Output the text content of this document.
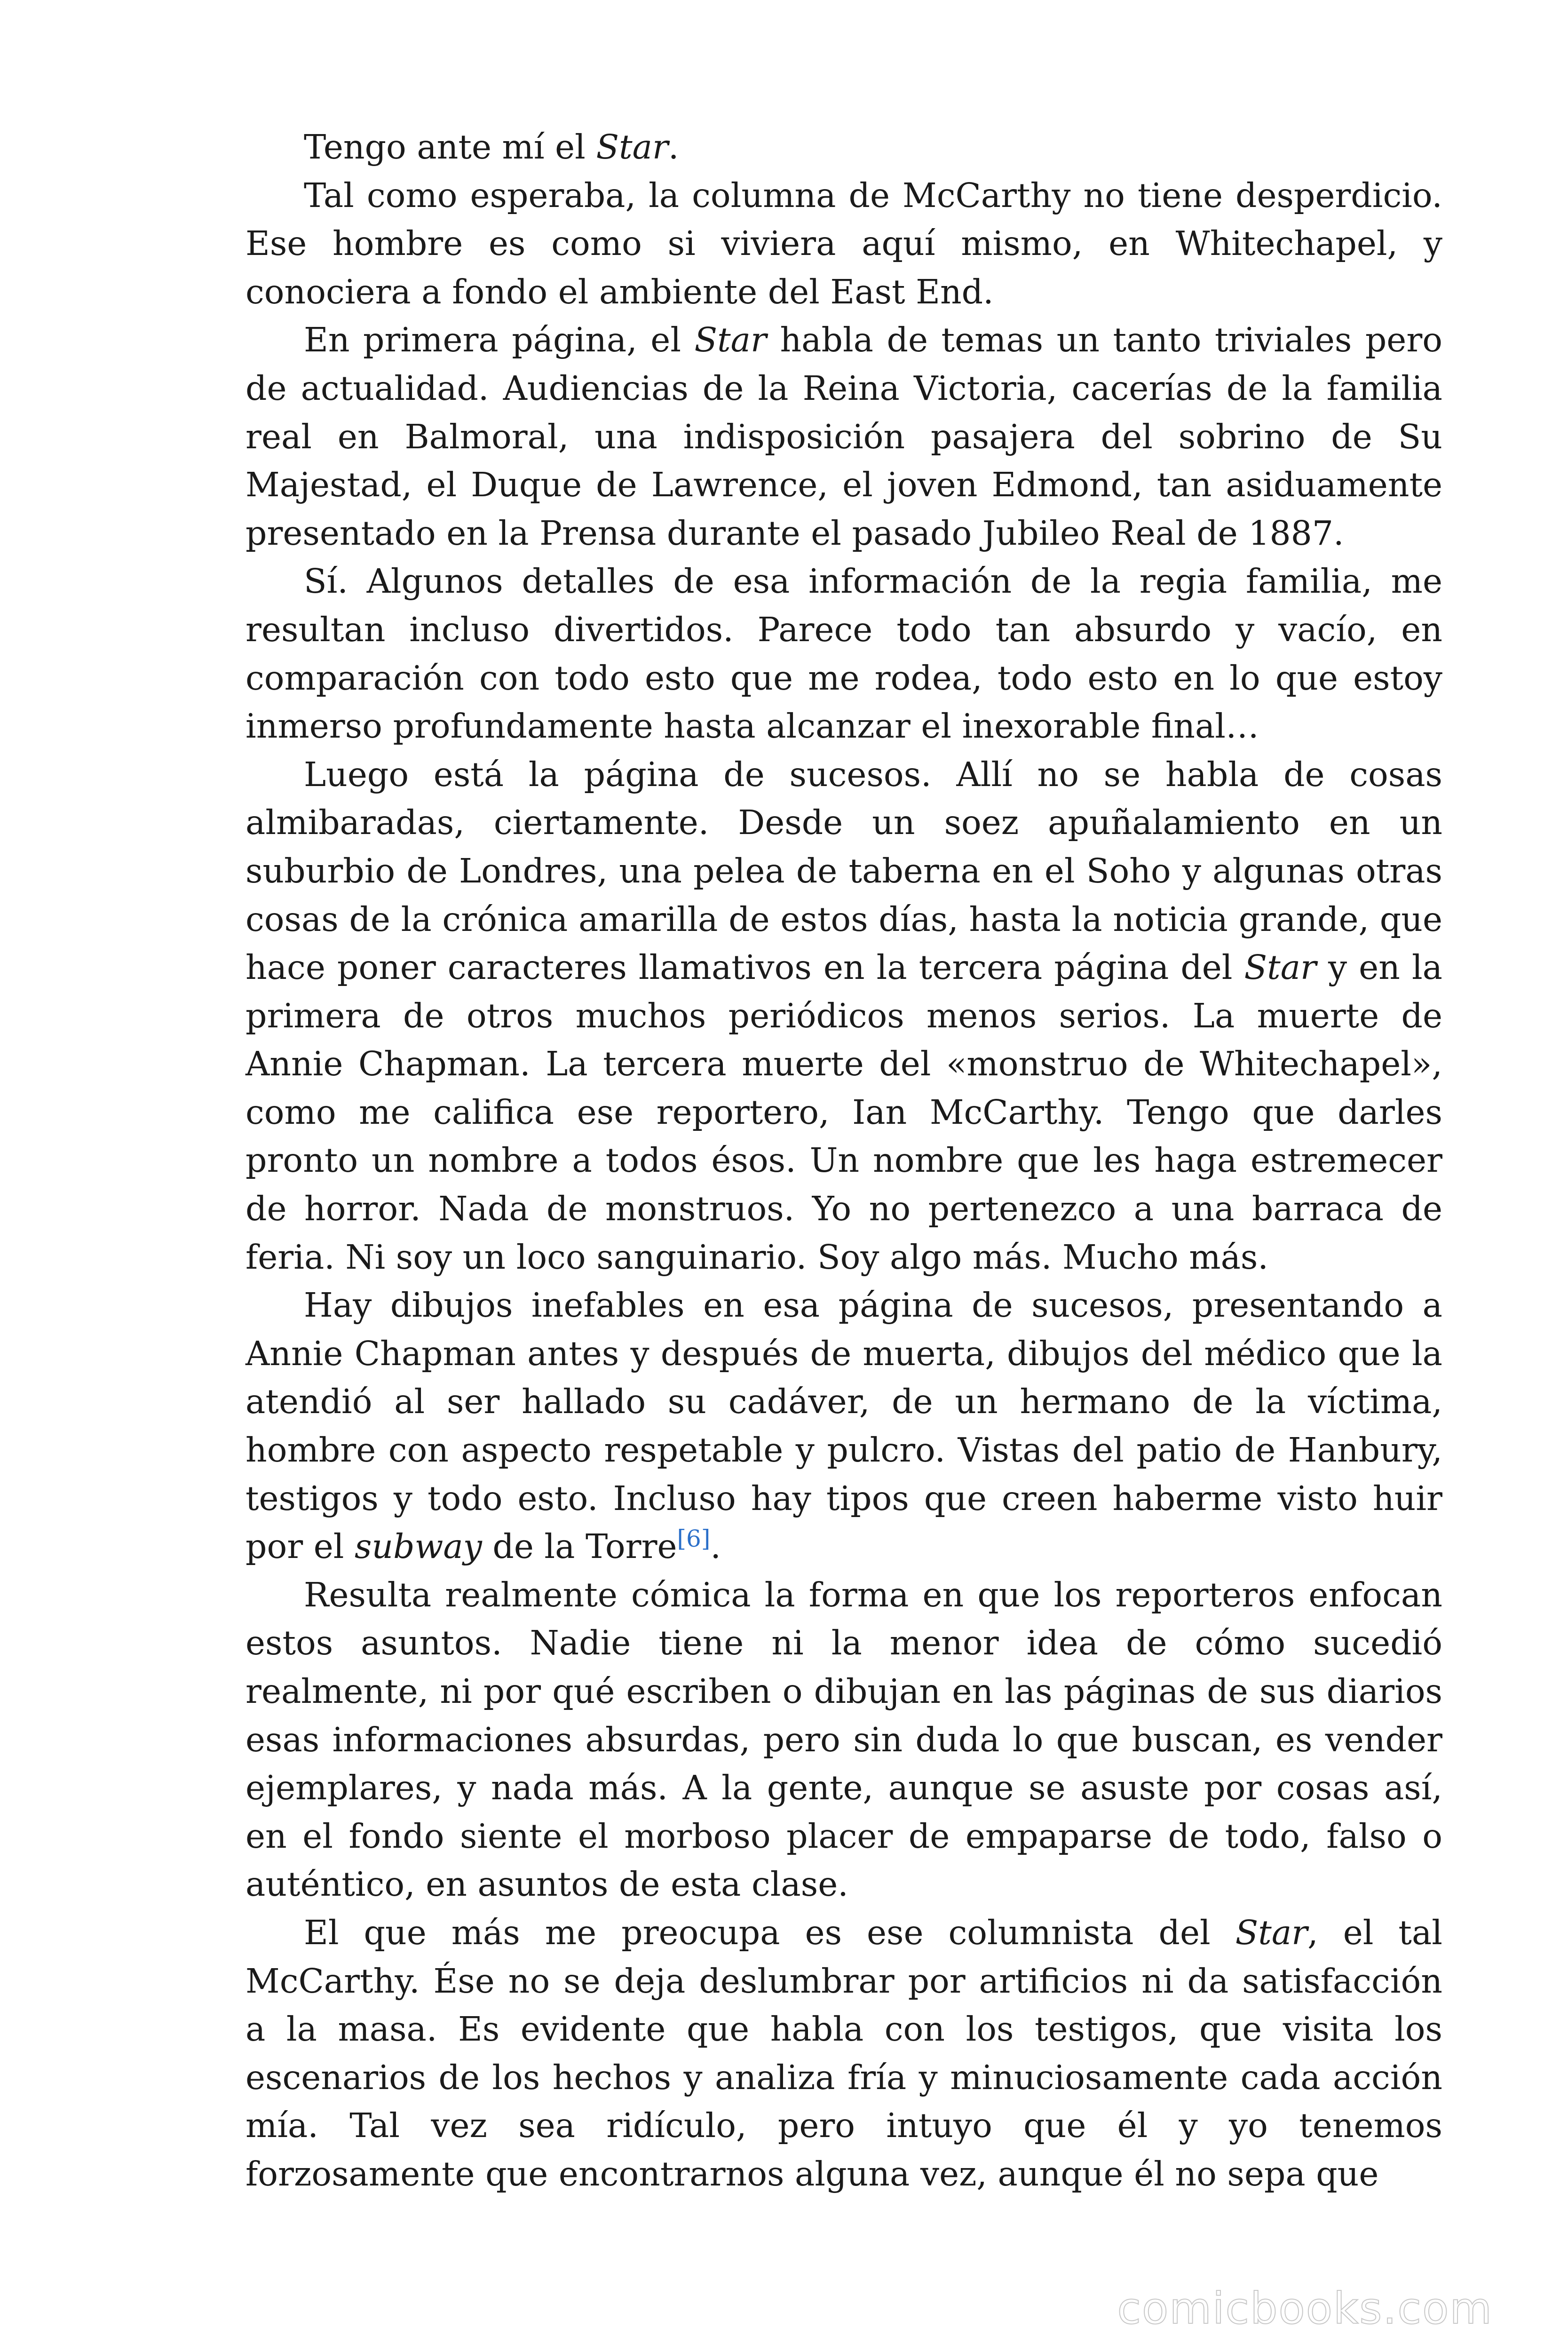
Tengo ante mí el Star.

Tal como esperaba, la columna de McCarthy no tiene desperdicio. Ese hombre es como si viviera aquí mismo, en Whitechapel, y conociera a fondo el ambiente del East End.

En primera página, el Star habla de temas un tanto triviales pero de actualidad. Audiencias de la Reina Victoria, cacerías de la familia real en Balmoral, una indisposición pasajera del sobrino de Su Majestad, el Duque de Lawrence, el joven Edmond, tan asiduamente presentado en la Prensa durante el pasado Jubileo Real de 1887.

Sí. Algunos detalles de esa información de la regia familia, me resultan incluso divertidos. Parece todo tan absurdo y vacío, en comparación con todo esto que me rodea, todo esto en lo que estoy inmerso profundamente hasta alcanzar el inexorable final…

Luego está la página de sucesos. Allí no se habla de cosas almibaradas, ciertamente. Desde un soez apuñalamiento en un suburbio de Londres, una pelea de taberna en el Soho y algunas otras cosas de la crónica amarilla de estos días, hasta la noticia grande, que hace poner caracteres llamativos en la tercera página del Star y en la primera de otros muchos periódicos menos serios. La muerte de Annie Chapman. La tercera muerte del «monstruo de Whitechapel», como me califica ese reportero, Ian McCarthy. Tengo que darles pronto un nombre a todos ésos. Un nombre que les haga estremecer de horror. Nada de monstruos. Yo no pertenezco a una barraca de feria. Ni soy un loco sanguinario. Soy algo más. Mucho más.

Hay dibujos inefables en esa página de sucesos, presentando a Annie Chapman antes y después de muerta, dibujos del médico que la atendió al ser hallado su cadáver, de un hermano de la víctima, hombre con aspecto respetable y pulcro. Vistas del patio de Hanbury, testigos y todo esto. Incluso hay tipos que creen haberme visto huir por el subway de la Torre[6].

Resulta realmente cómica la forma en que los reporteros enfocan estos asuntos. Nadie tiene ni la menor idea de cómo sucedió realmente, ni por qué escriben o dibujan en las páginas de sus diarios esas informaciones absurdas, pero sin duda lo que buscan, es vender ejemplares, y nada más. A la gente, aunque se asuste por cosas así, en el fondo siente el morboso placer de empaparse de todo, falso o auténtico, en asuntos de esta clase.

El que más me preocupa es ese columnista del Star, el tal McCarthy. Ése no se deja deslumbrar por artificios ni da satisfacción a la masa. Es evidente que habla con los testigos, que visita los escenarios de los hechos y analiza fría y minuciosamente cada acción mía. Tal vez sea ridículo, pero intuyo que él y yo tenemos forzosamente que encontrarnos alguna vez, aunque él no sepa que

comicbooks.com
